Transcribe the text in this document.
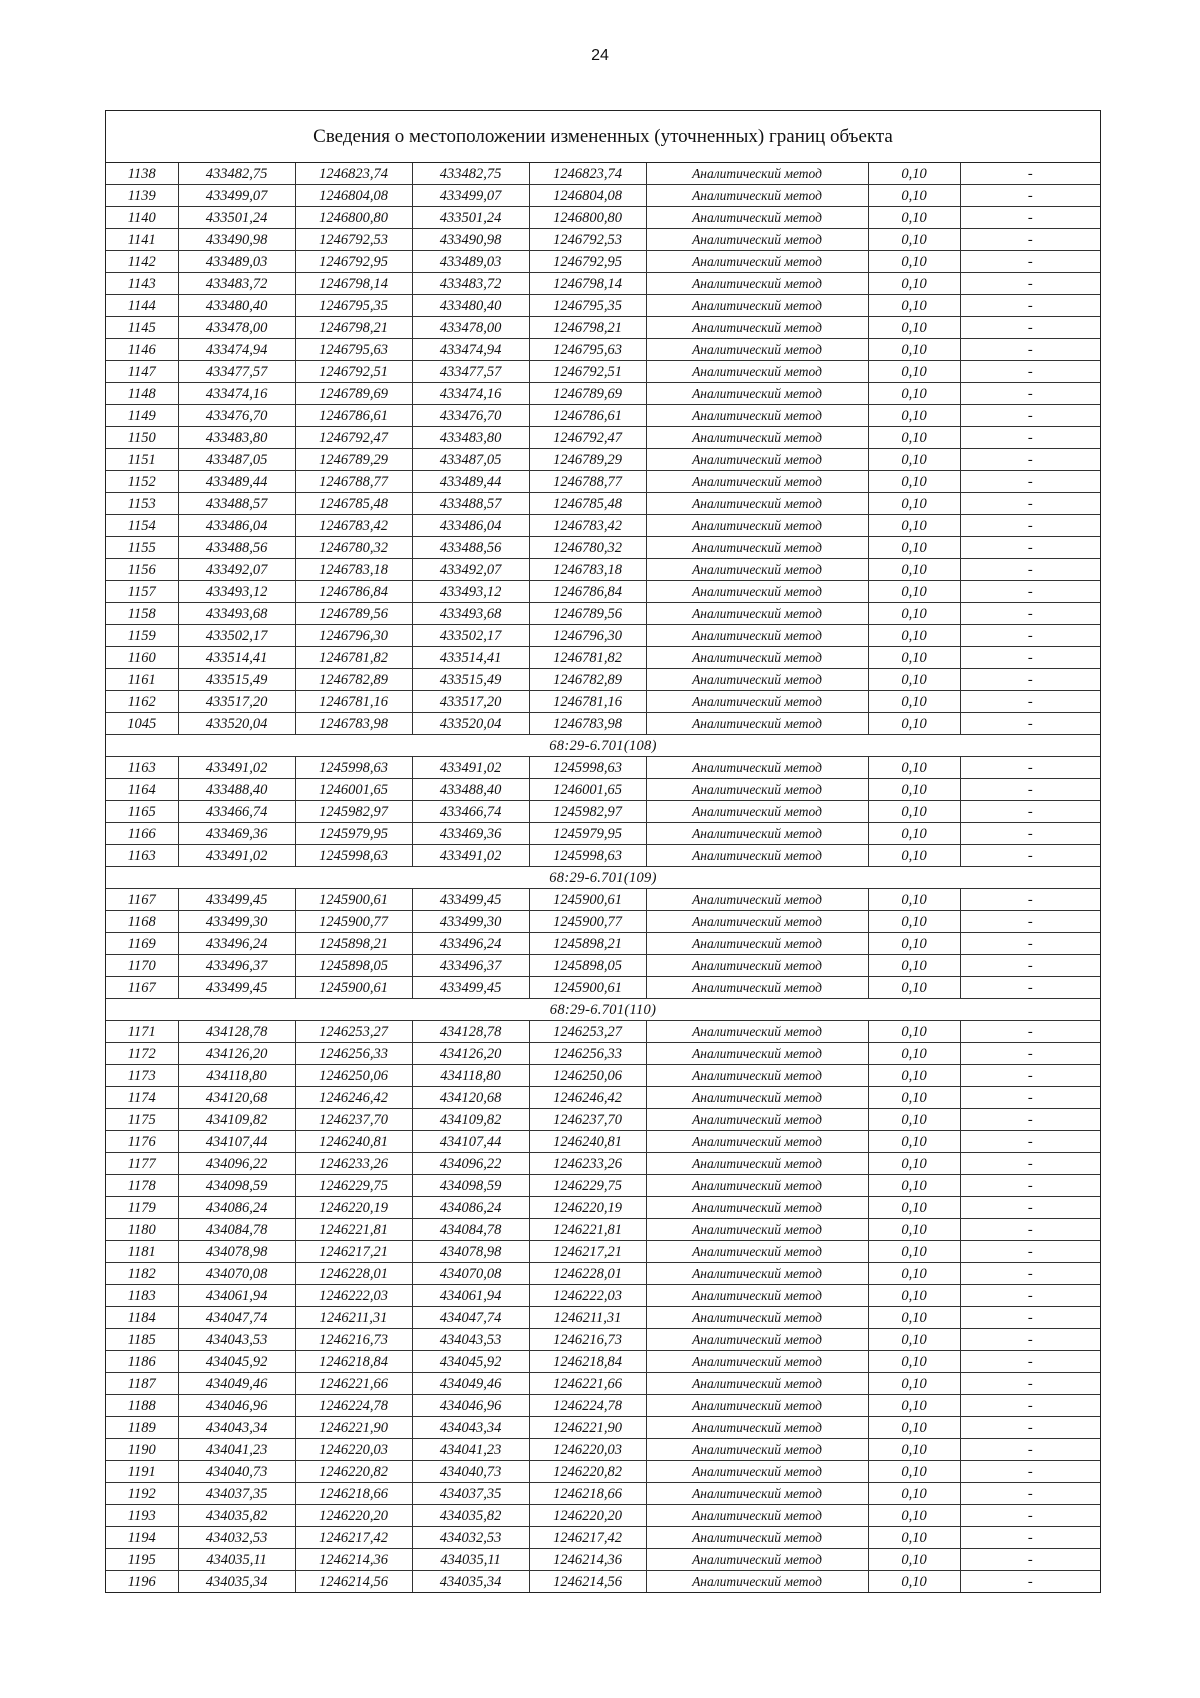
24
Сведения о местоположении измененных (уточненных) границ объекта
1138	433482,75	1246823,74	433482,75	1246823,74	Аналитический метод	0,10	-
1139	433499,07	1246804,08	433499,07	1246804,08	Аналитический метод	0,10	-
1140	433501,24	1246800,80	433501,24	1246800,80	Аналитический метод	0,10	-
1141	433490,98	1246792,53	433490,98	1246792,53	Аналитический метод	0,10	-
1142	433489,03	1246792,95	433489,03	1246792,95	Аналитический метод	0,10	-
1143	433483,72	1246798,14	433483,72	1246798,14	Аналитический метод	0,10	-
1144	433480,40	1246795,35	433480,40	1246795,35	Аналитический метод	0,10	-
1145	433478,00	1246798,21	433478,00	1246798,21	Аналитический метод	0,10	-
1146	433474,94	1246795,63	433474,94	1246795,63	Аналитический метод	0,10	-
1147	433477,57	1246792,51	433477,57	1246792,51	Аналитический метод	0,10	-
1148	433474,16	1246789,69	433474,16	1246789,69	Аналитический метод	0,10	-
1149	433476,70	1246786,61	433476,70	1246786,61	Аналитический метод	0,10	-
1150	433483,80	1246792,47	433483,80	1246792,47	Аналитический метод	0,10	-
1151	433487,05	1246789,29	433487,05	1246789,29	Аналитический метод	0,10	-
1152	433489,44	1246788,77	433489,44	1246788,77	Аналитический метод	0,10	-
1153	433488,57	1246785,48	433488,57	1246785,48	Аналитический метод	0,10	-
1154	433486,04	1246783,42	433486,04	1246783,42	Аналитический метод	0,10	-
1155	433488,56	1246780,32	433488,56	1246780,32	Аналитический метод	0,10	-
1156	433492,07	1246783,18	433492,07	1246783,18	Аналитический метод	0,10	-
1157	433493,12	1246786,84	433493,12	1246786,84	Аналитический метод	0,10	-
1158	433493,68	1246789,56	433493,68	1246789,56	Аналитический метод	0,10	-
1159	433502,17	1246796,30	433502,17	1246796,30	Аналитический метод	0,10	-
1160	433514,41	1246781,82	433514,41	1246781,82	Аналитический метод	0,10	-
1161	433515,49	1246782,89	433515,49	1246782,89	Аналитический метод	0,10	-
1162	433517,20	1246781,16	433517,20	1246781,16	Аналитический метод	0,10	-
1045	433520,04	1246783,98	433520,04	1246783,98	Аналитический метод	0,10	-
68:29-6.701(108)							
1163	433491,02	1245998,63	433491,02	1245998,63	Аналитический метод	0,10	-
1164	433488,40	1246001,65	433488,40	1246001,65	Аналитический метод	0,10	-
1165	433466,74	1245982,97	433466,74	1245982,97	Аналитический метод	0,10	-
1166	433469,36	1245979,95	433469,36	1245979,95	Аналитический метод	0,10	-
1163	433491,02	1245998,63	433491,02	1245998,63	Аналитический метод	0,10	-
68:29-6.701(109)							
1167	433499,45	1245900,61	433499,45	1245900,61	Аналитический метод	0,10	-
1168	433499,30	1245900,77	433499,30	1245900,77	Аналитический метод	0,10	-
1169	433496,24	1245898,21	433496,24	1245898,21	Аналитический метод	0,10	-
1170	433496,37	1245898,05	433496,37	1245898,05	Аналитический метод	0,10	-
1167	433499,45	1245900,61	433499,45	1245900,61	Аналитический метод	0,10	-
68:29-6.701(110)							
1171	434128,78	1246253,27	434128,78	1246253,27	Аналитический метод	0,10	-
1172	434126,20	1246256,33	434126,20	1246256,33	Аналитический метод	0,10	-
1173	434118,80	1246250,06	434118,80	1246250,06	Аналитический метод	0,10	-
1174	434120,68	1246246,42	434120,68	1246246,42	Аналитический метод	0,10	-
1175	434109,82	1246237,70	434109,82	1246237,70	Аналитический метод	0,10	-
1176	434107,44	1246240,81	434107,44	1246240,81	Аналитический метод	0,10	-
1177	434096,22	1246233,26	434096,22	1246233,26	Аналитический метод	0,10	-
1178	434098,59	1246229,75	434098,59	1246229,75	Аналитический метод	0,10	-
1179	434086,24	1246220,19	434086,24	1246220,19	Аналитический метод	0,10	-
1180	434084,78	1246221,81	434084,78	1246221,81	Аналитический метод	0,10	-
1181	434078,98	1246217,21	434078,98	1246217,21	Аналитический метод	0,10	-
1182	434070,08	1246228,01	434070,08	1246228,01	Аналитический метод	0,10	-
1183	434061,94	1246222,03	434061,94	1246222,03	Аналитический метод	0,10	-
1184	434047,74	1246211,31	434047,74	1246211,31	Аналитический метод	0,10	-
1185	434043,53	1246216,73	434043,53	1246216,73	Аналитический метод	0,10	-
1186	434045,92	1246218,84	434045,92	1246218,84	Аналитический метод	0,10	-
1187	434049,46	1246221,66	434049,46	1246221,66	Аналитический метод	0,10	-
1188	434046,96	1246224,78	434046,96	1246224,78	Аналитический метод	0,10	-
1189	434043,34	1246221,90	434043,34	1246221,90	Аналитический метод	0,10	-
1190	434041,23	1246220,03	434041,23	1246220,03	Аналитический метод	0,10	-
1191	434040,73	1246220,82	434040,73	1246220,82	Аналитический метод	0,10	-
1192	434037,35	1246218,66	434037,35	1246218,66	Аналитический метод	0,10	-
1193	434035,82	1246220,20	434035,82	1246220,20	Аналитический метод	0,10	-
1194	434032,53	1246217,42	434032,53	1246217,42	Аналитический метод	0,10	-
1195	434035,11	1246214,36	434035,11	1246214,36	Аналитический метод	0,10	-
1196	434035,34	1246214,56	434035,34	1246214,56	Аналитический метод	0,10	-
